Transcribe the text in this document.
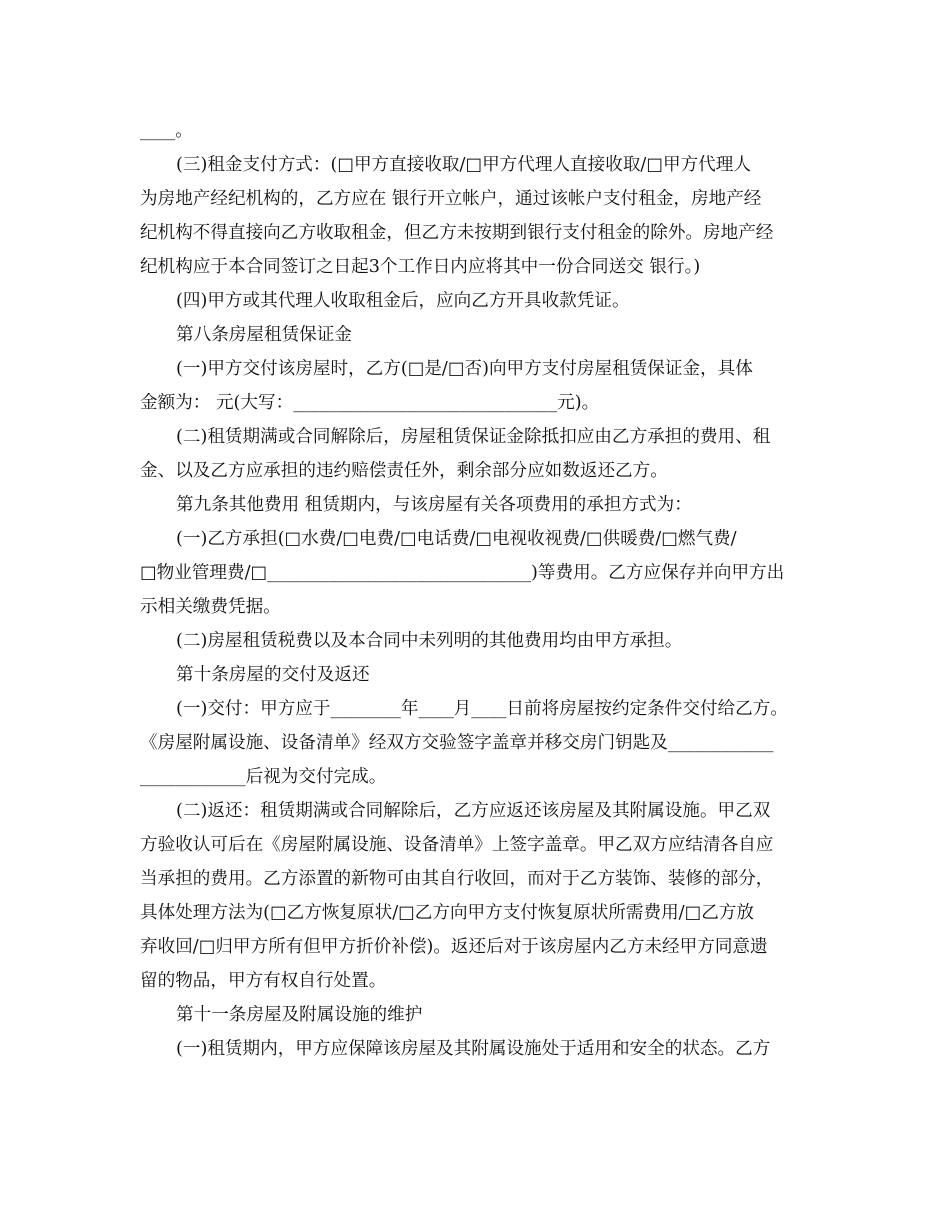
____。
(三)租金支付方式：(□甲方直接收取/□甲方代理人直接收取/□甲方代理人
为房地产经纪机构的，乙方应在 银行开立帐户，通过该帐户支付租金，房地产经
纪机构不得直接向乙方收取租金，但乙方未按期到银行支付租金的除外。房地产经
纪机构应于本合同签订之日起3个工作日内应将其中一份合同送交 银行。)
(四)甲方或其代理人收取租金后，应向乙方开具收款凭证。
第八条房屋租赁保证金
(一)甲方交付该房屋时，乙方(□是/□否)向甲方支付房屋租赁保证金，具体
金额为： 元(大写：______________________________元)。
(二)租赁期满或合同解除后，房屋租赁保证金除抵扣应由乙方承担的费用、租
金、以及乙方应承担的违约赔偿责任外，剩余部分应如数返还乙方。
第九条其他费用 租赁期内，与该房屋有关各项费用的承担方式为：
(一)乙方承担(□水费/□电费/□电话费/□电视收视费/□供暖费/□燃气费/
□物业管理费/□______________________________)等费用。乙方应保存并向甲方出
示相关缴费凭据。
(二)房屋租赁税费以及本合同中未列明的其他费用均由甲方承担。
第十条房屋的交付及返还
(一)交付：甲方应于________年____月____日前将房屋按约定条件交付给乙方。
《房屋附属设施、设备清单》经双方交验签字盖章并移交房门钥匙及____________
____________后视为交付完成。
(二)返还：租赁期满或合同解除后，乙方应返还该房屋及其附属设施。甲乙双
方验收认可后在《房屋附属设施、设备清单》上签字盖章。甲乙双方应结清各自应
当承担的费用。乙方添置的新物可由其自行收回，而对于乙方装饰、装修的部分，
具体处理方法为(□乙方恢复原状/□乙方向甲方支付恢复原状所需费用/□乙方放
弃收回/□归甲方所有但甲方折价补偿)。返还后对于该房屋内乙方未经甲方同意遗
留的物品，甲方有权自行处置。
第十一条房屋及附属设施的维护
(一)租赁期内，甲方应保障该房屋及其附属设施处于适用和安全的状态。乙方
